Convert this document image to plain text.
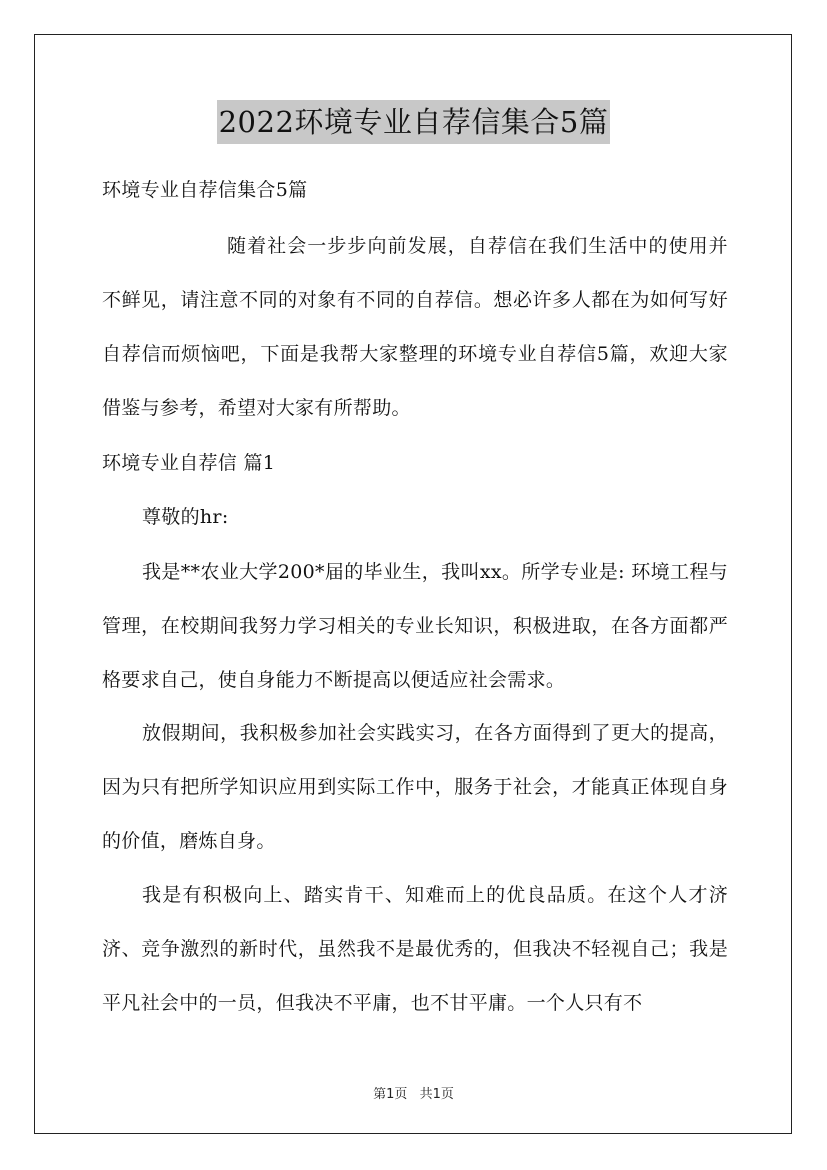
2022环境专业自荐信集合5篇

环境专业自荐信集合5篇

随着社会一步步向前发展，自荐信在我们生活中的使用并不鲜见，请注意不同的对象有不同的自荐信。想必许多人都在为如何写好自荐信而烦恼吧，下面是我帮大家整理的环境专业自荐信5篇，欢迎大家借鉴与参考，希望对大家有所帮助。

环境专业自荐信 篇1

尊敬的hr:

我是**农业大学200*届的毕业生，我叫xx。所学专业是: 环境工程与管理，在校期间我努力学习相关的专业长知识，积极进取，在各方面都严格要求自己，使自身能力不断提高以便适应社会需求。

放假期间，我积极参加社会实践实习，在各方面得到了更大的提高，因为只有把所学知识应用到实际工作中，服务于社会，才能真正体现自身的价值，磨炼自身。

我是有积极向上、踏实肯干、知难而上的优良品质。在这个人才济济、竞争激烈的新时代，虽然我不是最优秀的，但我决不轻视自己；我是平凡社会中的一员，但我决不平庸，也不甘平庸。一个人只有不

第1页 共1页
